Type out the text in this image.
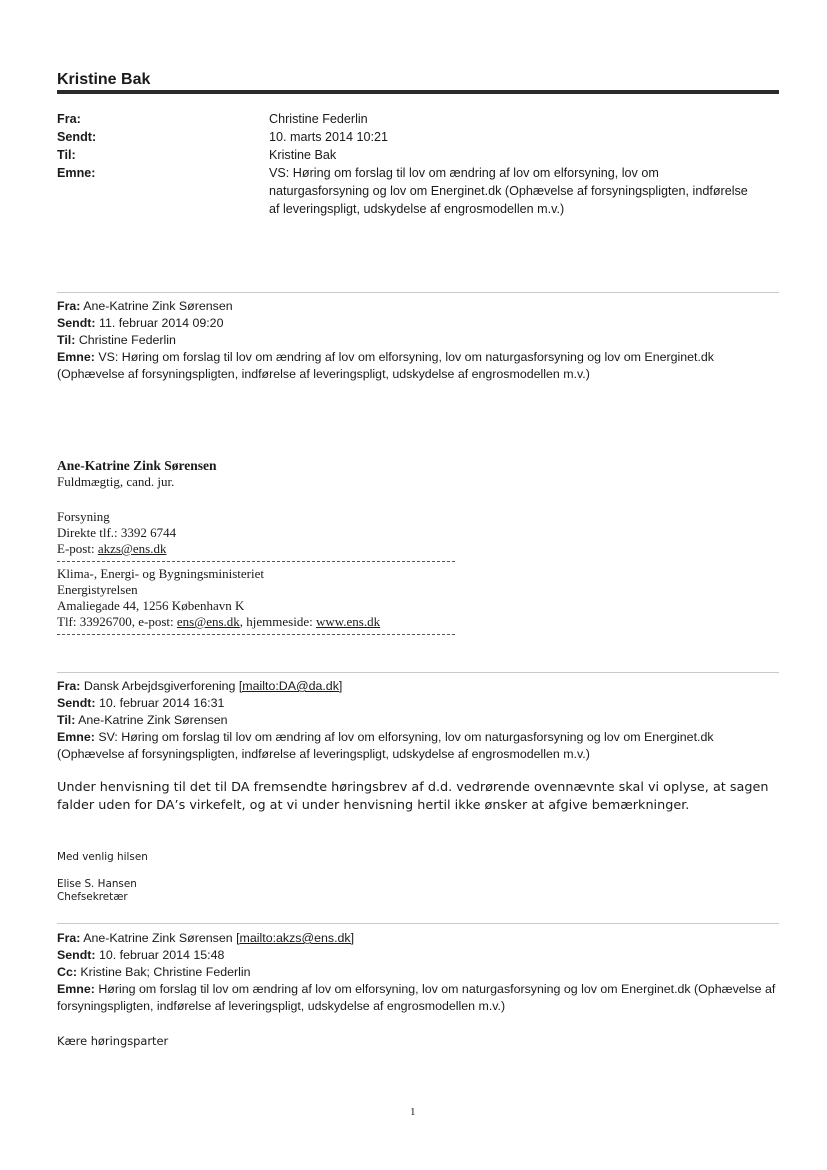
Kristine Bak
Fra:	Christine Federlin
Sendt:	10. marts 2014 10:21
Til:	Kristine Bak
Emne:	VS: Høring om forslag til lov om ændring af lov om elforsyning, lov om naturgasforsyning og lov om Energinet.dk (Ophævelse af forsyningspligten, indførelse af leveringspligt, udskydelse af engrosmodellen m.v.)
Fra: Ane-Katrine Zink Sørensen
Sendt: 11. februar 2014 09:20
Til: Christine Federlin
Emne: VS: Høring om forslag til lov om ændring af lov om elforsyning, lov om naturgasforsyning og lov om Energinet.dk (Ophævelse af forsyningspligten, indførelse af leveringspligt, udskydelse af engrosmodellen m.v.)
Ane-Katrine Zink Sørensen
Fuldmægtig, cand. jur.
Forsyning
Direkte tlf.: 3392 6744
E-post: akzs@ens.dk
Klima-, Energi- og Bygningsministeriet
Energistyrelsen
Amaliegade 44, 1256 København K
Tlf: 33926700, e-post: ens@ens.dk, hjemmeside: www.ens.dk
Fra: Dansk Arbejdsgiverforening [mailto:DA@da.dk]
Sendt: 10. februar 2014 16:31
Til: Ane-Katrine Zink Sørensen
Emne: SV: Høring om forslag til lov om ændring af lov om elforsyning, lov om naturgasforsyning og lov om Energinet.dk (Ophævelse af forsyningspligten, indførelse af leveringspligt, udskydelse af engrosmodellen m.v.)
Under henvisning til det til DA fremsendte høringsbrev af d.d. vedrørende ovennævnte skal vi oplyse, at sagen falder uden for DA’s virkefelt, og at vi under henvisning hertil ikke ønsker at afgive bemærkninger.
Med venlig hilsen
Elise S. Hansen
Chefsekretær
Fra: Ane-Katrine Zink Sørensen [mailto:akzs@ens.dk]
Sendt: 10. februar 2014 15:48
Cc: Kristine Bak; Christine Federlin
Emne: Høring om forslag til lov om ændring af lov om elforsyning, lov om naturgasforsyning og lov om Energinet.dk (Ophævelse af forsyningspligten, indførelse af leveringspligt, udskydelse af engrosmodellen m.v.)
Kære høringsparter
1
